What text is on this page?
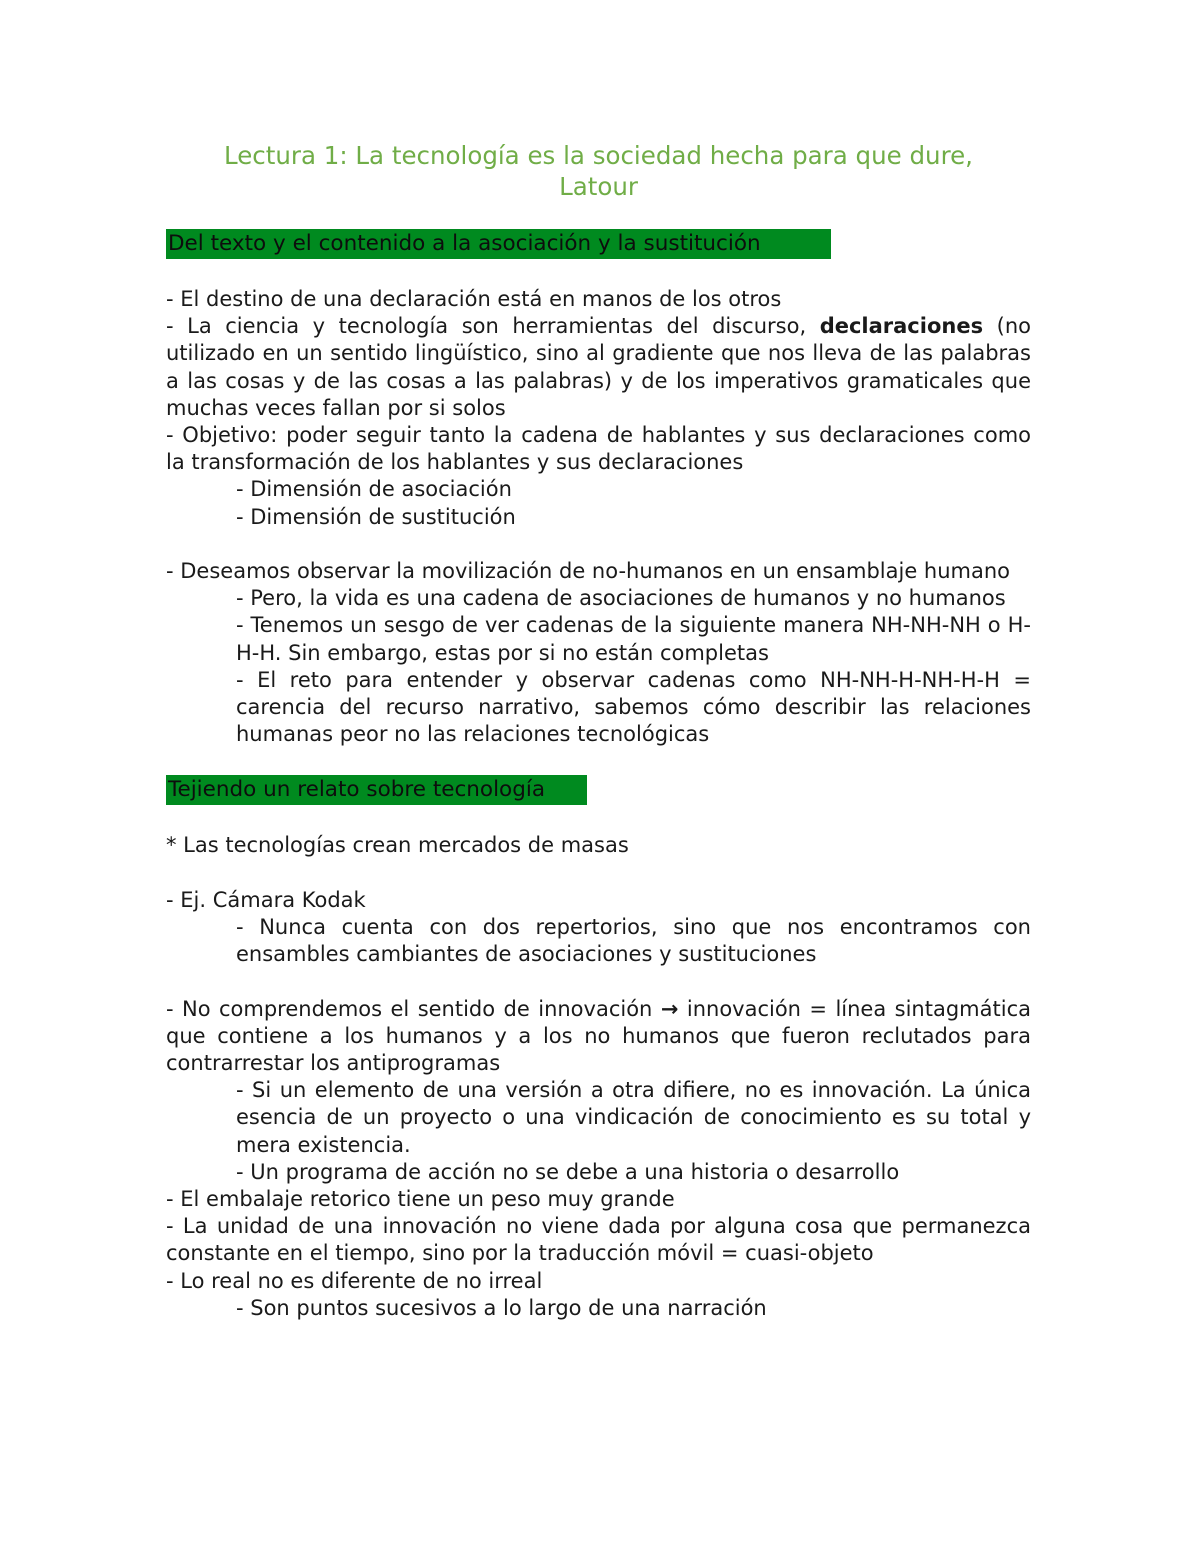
Lectura 1: La tecnología es la sociedad hecha para que dure,
Latour
Del texto y el contenido a la asociación y la sustitución

- El destino de una declaración está en manos de los otros

- La ciencia y tecnología son herramientas del discurso, declaraciones (no utilizado en un sentido lingüístico, sino al gradiente que nos lleva de las palabras a las cosas y de las cosas a las palabras) y de los imperativos gramaticales que muchas veces fallan por si solos

- Objetivo: poder seguir tanto la cadena de hablantes y sus declaraciones como la transformación de los hablantes y sus declaraciones

- Dimensión de asociación

- Dimensión de sustitución

- Deseamos observar la movilización de no-humanos en un ensamblaje humano

- Pero, la vida es una cadena de asociaciones de humanos y no humanos

- Tenemos un sesgo de ver cadenas de la siguiente manera NH-NH-NH o H-H-H. Sin embargo, estas por si no están completas

- El reto para entender y observar cadenas como NH-NH-H-NH-H-H = carencia del recurso narrativo, sabemos cómo describir las relaciones humanas peor no las relaciones tecnológicas

Tejiendo un relato sobre tecnología

* Las tecnologías crean mercados de masas

- Ej. Cámara Kodak

- Nunca cuenta con dos repertorios, sino que nos encontramos con ensambles cambiantes de asociaciones y sustituciones

- No comprendemos el sentido de innovación → innovación = línea sintagmática que contiene a los humanos y a los no humanos que fueron reclutados para contrarrestar los antiprogramas

- Si un elemento de una versión a otra difiere, no es innovación. La única esencia de un proyecto o una vindicación de conocimiento es su total y mera existencia.

- Un programa de acción no se debe a una historia o desarrollo

- El embalaje retorico tiene un peso muy grande

- La unidad de una innovación no viene dada por alguna cosa que permanezca constante en el tiempo, sino por la traducción móvil = cuasi-objeto

- Lo real no es diferente de no irreal

- Son puntos sucesivos a lo largo de una narración
